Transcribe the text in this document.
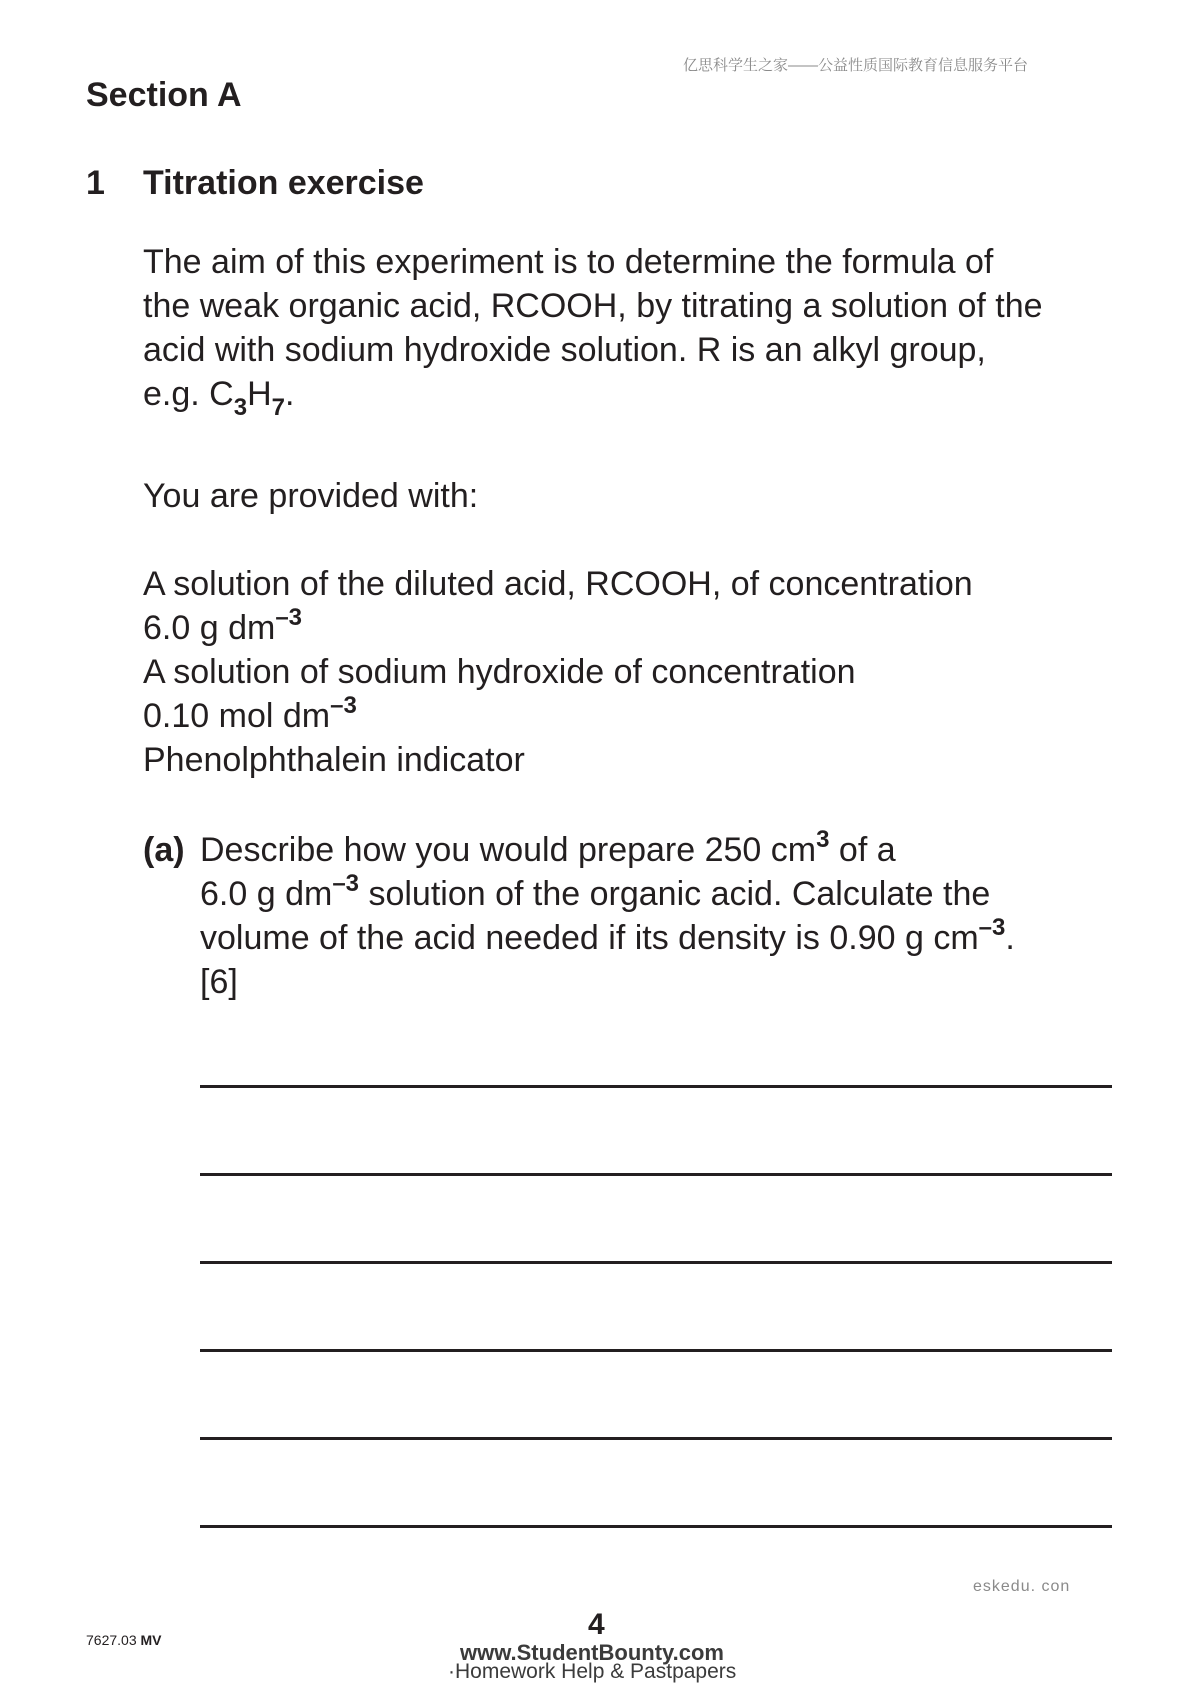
亿思科学生之家——公益性质国际教育信息服务平台
Section A
1 Titration exercise
The aim of this experiment is to determine the formula of
the weak organic acid, RCOOH, by titrating a solution of the
acid with sodium hydroxide solution. R is an alkyl group,
e.g. $C_3H_7$.
You are provided with:
A solution of the diluted acid, RCOOH, of concentration
6.0 g $dm^{-3}$
A solution of sodium hydroxide of concentration
0.10 mol $dm^{-3}$
Phenolphthalein indicator
(a) Describe how you would prepare 250 $cm^3$ of a
6.0 g $dm^{-3}$ solution of the organic acid. Calculate the
volume of the acid needed if its density is 0.90 g $cm^{-3}$.
[6]
eskedu. con
7627.03 MV	4
www.StudentBounty.com
·Homework Help & Pastpapers
